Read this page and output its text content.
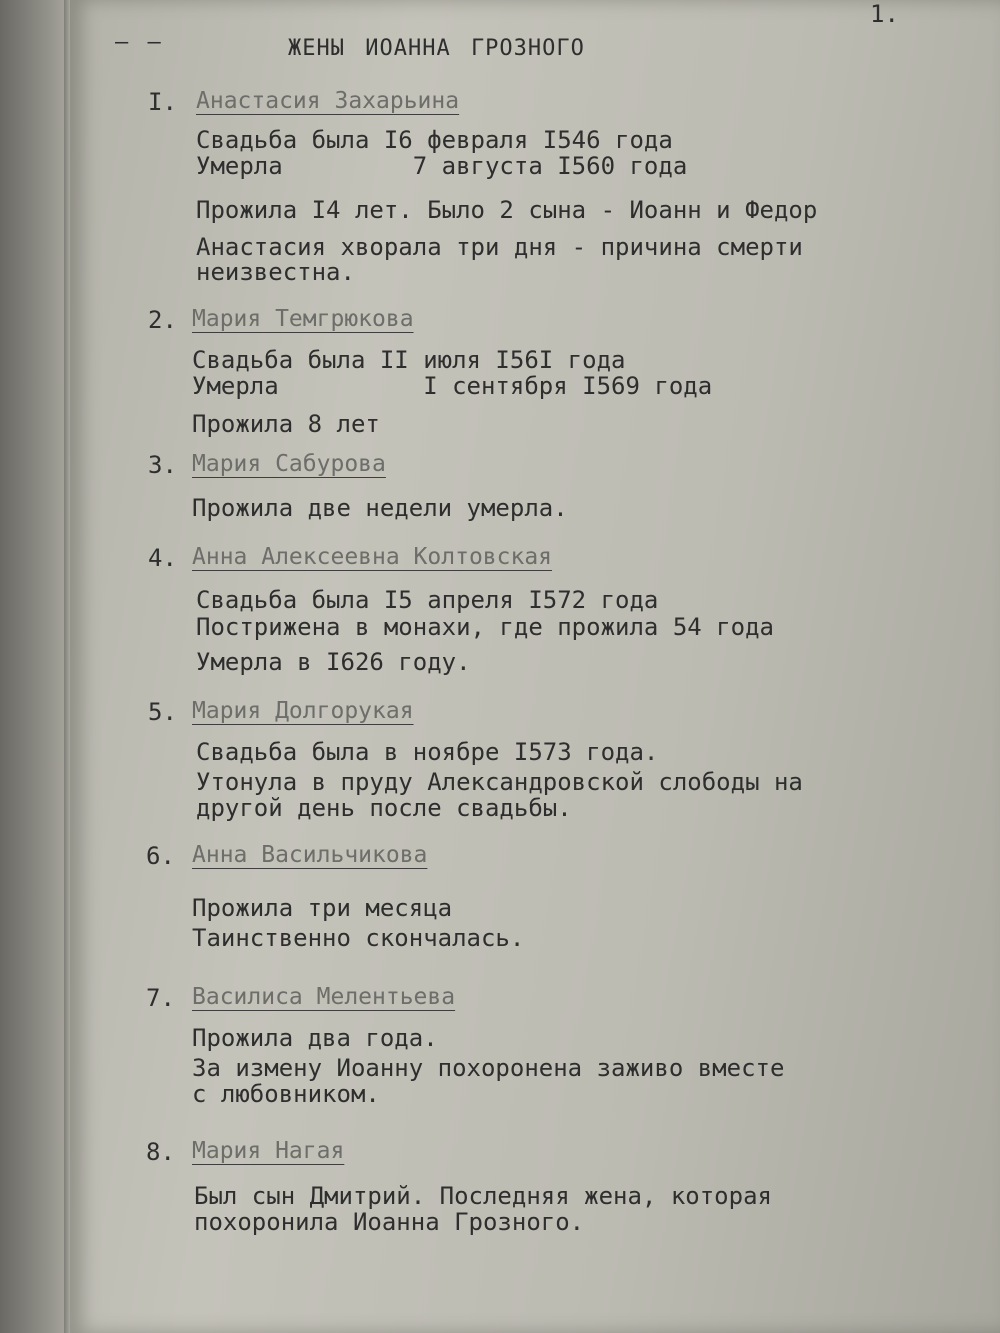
1.
— —	ЖЕНЫ ИОАННА ГРОЗНОГО
I. Анастасия Захарьина
Свадьба была I6 февраля I546 года
Умерла         7 августа I560 года
Прожила I4 лет. Было 2 сына - Иоанн и Федор
Анастасия хворала три дня - причина смерти
неизвестна.
2. Мария Темгрюкова
Свадьба была II июля I56I года
Умерла          I сентября I569 года
Прожила 8 лет
3. Мария Сабурова
Прожила две недели умерла.
4. Анна Алексеевна Колтовская
Свадьба была I5 апреля I572 года
Пострижена в монахи, где прожила 54 года
Умерла в I626 году.
5. Мария Долгорукая
Свадьба была в ноябре I573 года.
Утонула в пруду Александровской слободы на
другой день после свадьбы.
6. Анна Васильчикова
Прожила три месяца
Таинственно скончалась.
7. Василиса Мелентьева
Прожила два года.
За измену Иоанну похоронена заживо вместе
с любовником.
8. Мария Нагая
Был сын Дмитрий. Последняя жена, которая
похоронила Иоанна Грозного.
